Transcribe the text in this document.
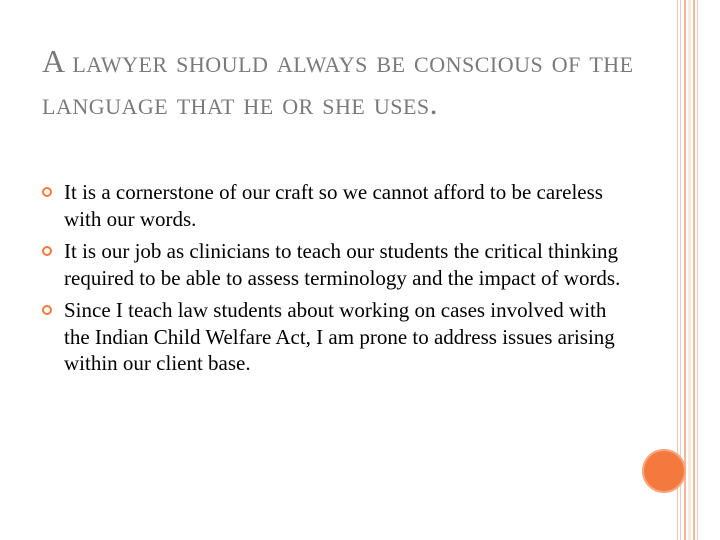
A lawyer should always be conscious of the language that he or she uses.
It is a cornerstone of our craft so we cannot afford to be careless with our words.
It is our job as clinicians to teach our students the critical thinking required to be able to assess terminology and the impact of words.
Since I teach law students about working on cases involved with the Indian Child Welfare Act, I am prone to address issues arising within our client base.
